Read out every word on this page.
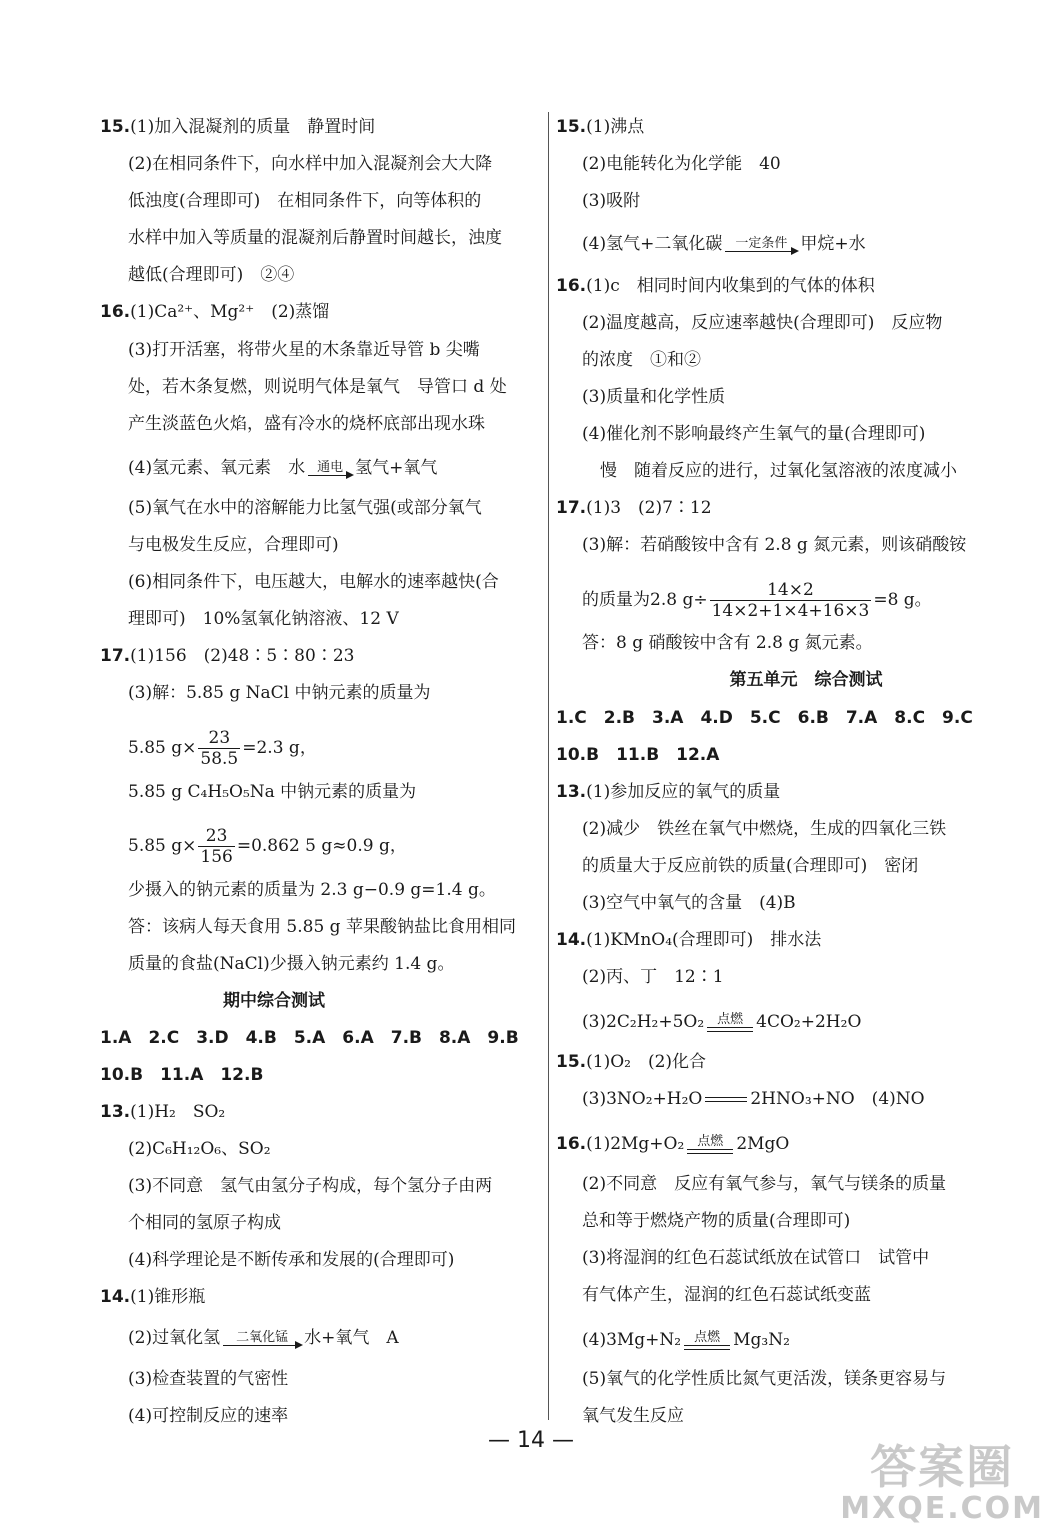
15.(1)加入混凝剂的质量　静置时间
(2)在相同条件下，向水样中加入混凝剂会大大降
低浊度(合理即可)　在相同条件下，向等体积的
水样中加入等质量的混凝剂后静置时间越长，浊度
越低(合理即可)　②④
16.(1)Ca²⁺、Mg²⁺　(2)蒸馏
(3)打开活塞，将带火星的木条靠近导管 b 尖嘴
处，若木条复燃，则说明气体是氧气　导管口 d 处
产生淡蓝色火焰，盛有冷水的烧杯底部出现水珠
(4)氢元素、氧元素　水 通电 氢气+氧气
(5)氧气在水中的溶解能力比氢气强(或部分氧气
与电极发生反应，合理即可)
(6)相同条件下，电压越大，电解水的速率越快(合
理即可)　10%氢氧化钠溶液、12 V
17.(1)156　(2)48∶5∶80∶23
(3)解：5.85 g NaCl 中钠元素的质量为
5.85 $g\times \frac{23}{58.5} =2.3$ g，
5.85 g C₄H₅O₅Na 中钠元素的质量为
5.85 $g\times \frac{23}{156} =0.862$ 5 g≈0.9 g，
少摄入的钠元素的质量为 2.3 g−0.9 g=1.4 g。
答：该病人每天食用 5.85 g 苹果酸钠盐比食用相同
质量的食盐(NaCl)少摄入钠元素约 1.4 g。
期中综合测试
1.A　2.C　3.D　4.B　5.A　6.A　7.B　8.A　9.B
10.B　11.A　12.B
13.(1)H₂　SO₂
(2)C₆H₁₂O₆、SO₂
(3)不同意　氢气由氢分子构成，每个氢分子由两
个相同的氢原子构成
(4)科学理论是不断传承和发展的(合理即可)
14.(1)锥形瓶
(2)过氧化氢 二氧化锰 水+氧气　A
(3)检查装置的气密性
(4)可控制反应的速率
15.(1)沸点
(2)电能转化为化学能　40
(3)吸附
(4)氢气+二氧化碳 一定条件 甲烷+水
16.(1)c　相同时间内收集到的气体的体积
(2)温度越高，反应速率越快(合理即可)　反应物
的浓度　①和②
(3)质量和化学性质
(4)催化剂不影响最终产生氧气的量(合理即可)
慢　随着反应的进行，过氧化氢溶液的浓度减小
17.(1)3　(2)7∶12
(3)解：若硝酸铵中含有 2.8 g 氮元素，则该硝酸铵
的质量为2.8 $g\div \frac{14\times 2}{14\times 2+1\times 4+16\times 3} =8$ g。
答：8 g 硝酸铵中含有 2.8 g 氮元素。
第五单元　综合测试
1.C　2.B　3.A　4.D　5.C　6.B　7.A　8.C　9.C
10.B　11.B　12.A
13.(1)参加反应的氧气的质量
(2)减少　铁丝在氧气中燃烧，生成的四氧化三铁
的质量大于反应前铁的质量(合理即可)　密闭
(3)空气中氧气的含量　(4)B
14.(1)KMnO₄(合理即可)　排水法
(2)丙、丁　12∶1
(3)2C₂H₂+5O₂ 点燃 4CO₂+2H₂O
15.(1)O₂　(2)化合
(3)3NO₂+H₂O	2HNO₃+NO　(4)NO
16.(1)2Mg+O₂ 点燃 2MgO
(2)不同意　反应有氧气参与，氧气与镁条的质量
总和等于燃烧产物的质量(合理即可)
(3)将湿润的红色石蕊试纸放在试管口　试管中
有气体产生，湿润的红色石蕊试纸变蓝
(4)3Mg+N₂ 点燃 Mg₃N₂
(5)氧气的化学性质比氮气更活泼，镁条更容易与
氧气发生反应
— 14 —	答案圈
MXQE.COM
